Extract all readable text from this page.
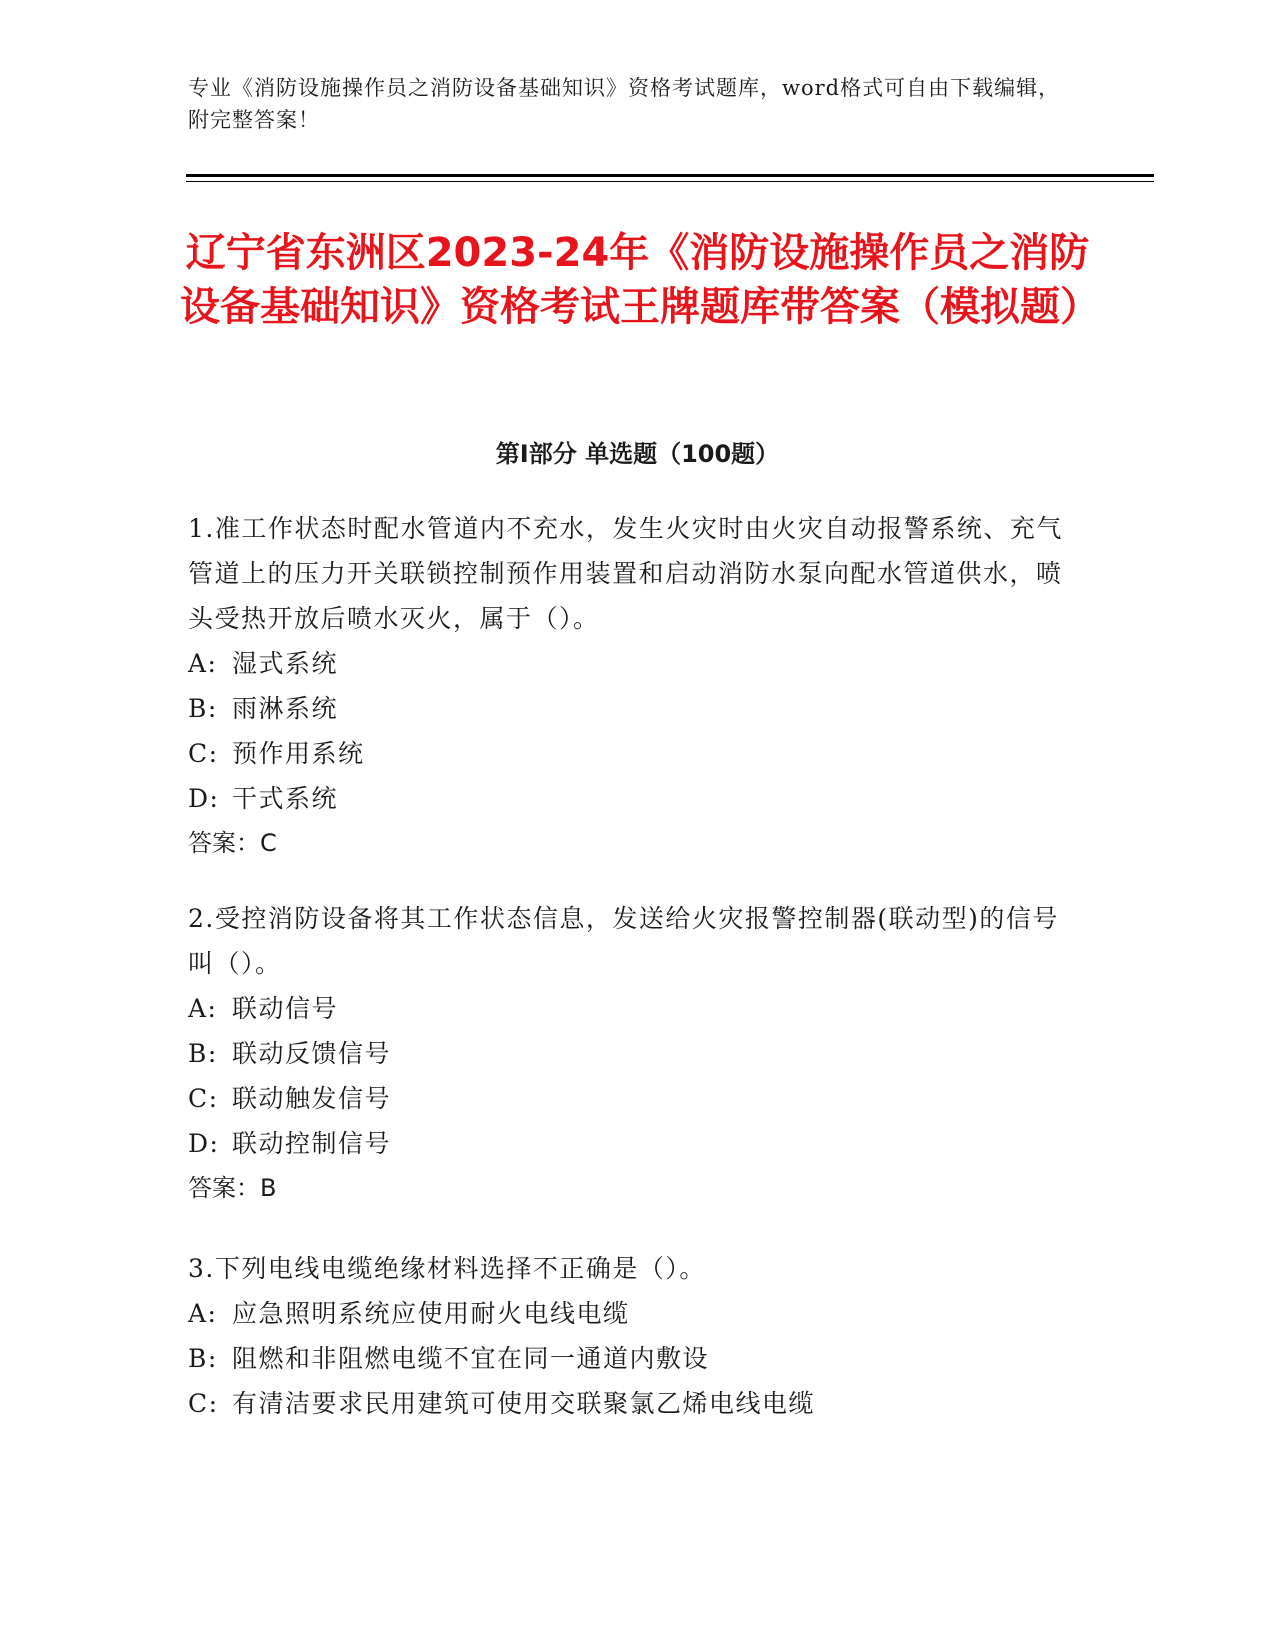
专业《消防设施操作员之消防设备基础知识》资格考试题库，word格式可自由下载编辑，附完整答案！
辽宁省东洲区2023-24年《消防设施操作员之消防设备基础知识》资格考试王牌题库带答案（模拟题）
第Ⅰ部分 单选题（100题）

1.准工作状态时配水管道内不充水，发生火灾时由火灾自动报警系统、充气管道上的压力开关联锁控制预作用装置和启动消防水泵向配水管道供水，喷头受热开放后喷水灭火，属于（）。

A: 湿式系统

B: 雨淋系统

C: 预作用系统

D: 干式系统

答案：C

2.受控消防设备将其工作状态信息，发送给火灾报警控制器(联动型)的信号叫（）。

A: 联动信号

B: 联动反馈信号

C: 联动触发信号

D: 联动控制信号

答案：B

3.下列电线电缆绝缘材料选择不正确是（）。

A: 应急照明系统应使用耐火电线电缆

B: 阻燃和非阻燃电缆不宜在同一通道内敷设

C: 有清洁要求民用建筑可使用交联聚氯乙烯电线电缆
